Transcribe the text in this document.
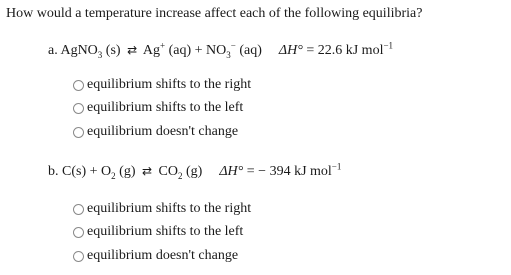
How would a temperature increase affect each of the following equilibria?
a. AgNO$_3$ (s) ⇄ Ag+ $(aq) + NO_3^-$ (aq) ΔH° = 22.6 kJ mol$^{-1}$
equilibrium shifts to the right
equilibrium shifts to the left
equilibrium doesn't change
b. $C(s) + O_2$ (g) ⇄ $CO_2$ (g) ΔH° = − 394 kJ mol$^{-1}$
equilibrium shifts to the right
equilibrium shifts to the left
equilibrium doesn't change
